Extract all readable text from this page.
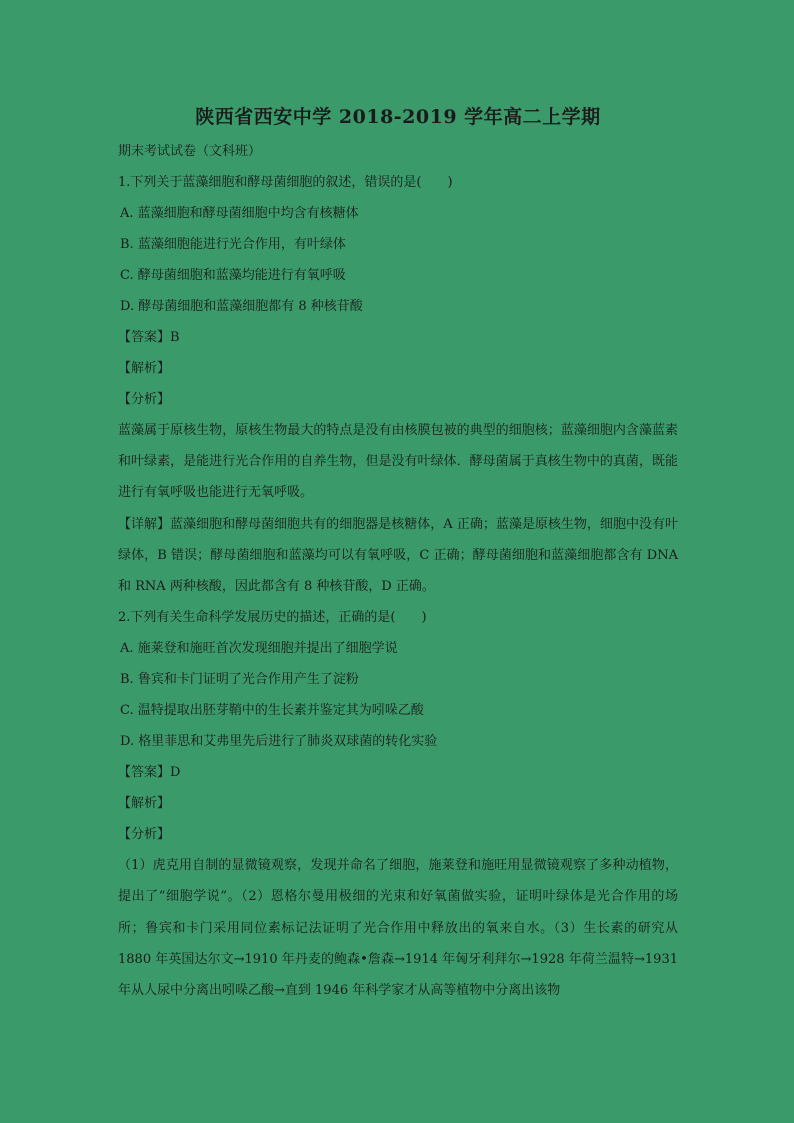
陕西省西安中学 2018-2019 学年高二上学期
期末考试试卷（文科班）
1.下列关于蓝藻细胞和酵母菌细胞的叙述，错误的是(　　)
A. 蓝藻细胞和酵母菌细胞中均含有核糖体
B. 蓝藻细胞能进行光合作用，有叶绿体
C. 酵母菌细胞和蓝藻均能进行有氧呼吸
D. 酵母菌细胞和蓝藻细胞都有 8 种核苷酸
【答案】B
【解析】
【分析】

蓝藻属于原核生物，原核生物最大的特点是没有由核膜包被的典型的细胞核；蓝藻细胞内含藻蓝素和叶绿素，是能进行光合作用的自养生物，但是没有叶绿体．酵母菌属于真核生物中的真菌，既能进行有氧呼吸也能进行无氧呼吸。

【详解】蓝藻细胞和酵母菌细胞共有的细胞器是核糖体，A 正确；蓝藻是原核生物，细胞中没有叶绿体，B 错误；酵母菌细胞和蓝藻均可以有氧呼吸，C 正确；酵母菌细胞和蓝藻细胞都含有 DNA 和 RNA 两种核酸，因此都含有 8 种核苷酸，D 正确。

2.下列有关生命科学发展历史的描述，正确的是(　　)
A. 施莱登和施旺首次发现细胞并提出了细胞学说
B. 鲁宾和卡门证明了光合作用产生了淀粉
C. 温特提取出胚芽鞘中的生长素并鉴定其为吲哚乙酸
D. 格里菲思和艾弗里先后进行了肺炎双球菌的转化实验
【答案】D
【解析】
【分析】

（1）虎克用自制的显微镜观察，发现并命名了细胞，施莱登和施旺用显微镜观察了多种动植物，提出了“细胞学说”。（2）恩格尔曼用极细的光束和好氧菌做实验，证明叶绿体是光合作用的场所；鲁宾和卡门采用同位素标记法证明了光合作用中释放出的氧来自水。（3）生长素的研究从 1880 年英国达尔文→1910 年丹麦的鲍森•詹森→1914 年匈牙利拜尔→1928 年荷兰温特→1931 年从人尿中分离出吲哚乙酸→直到 1946 年科学家才从高等植物中分离出该物
